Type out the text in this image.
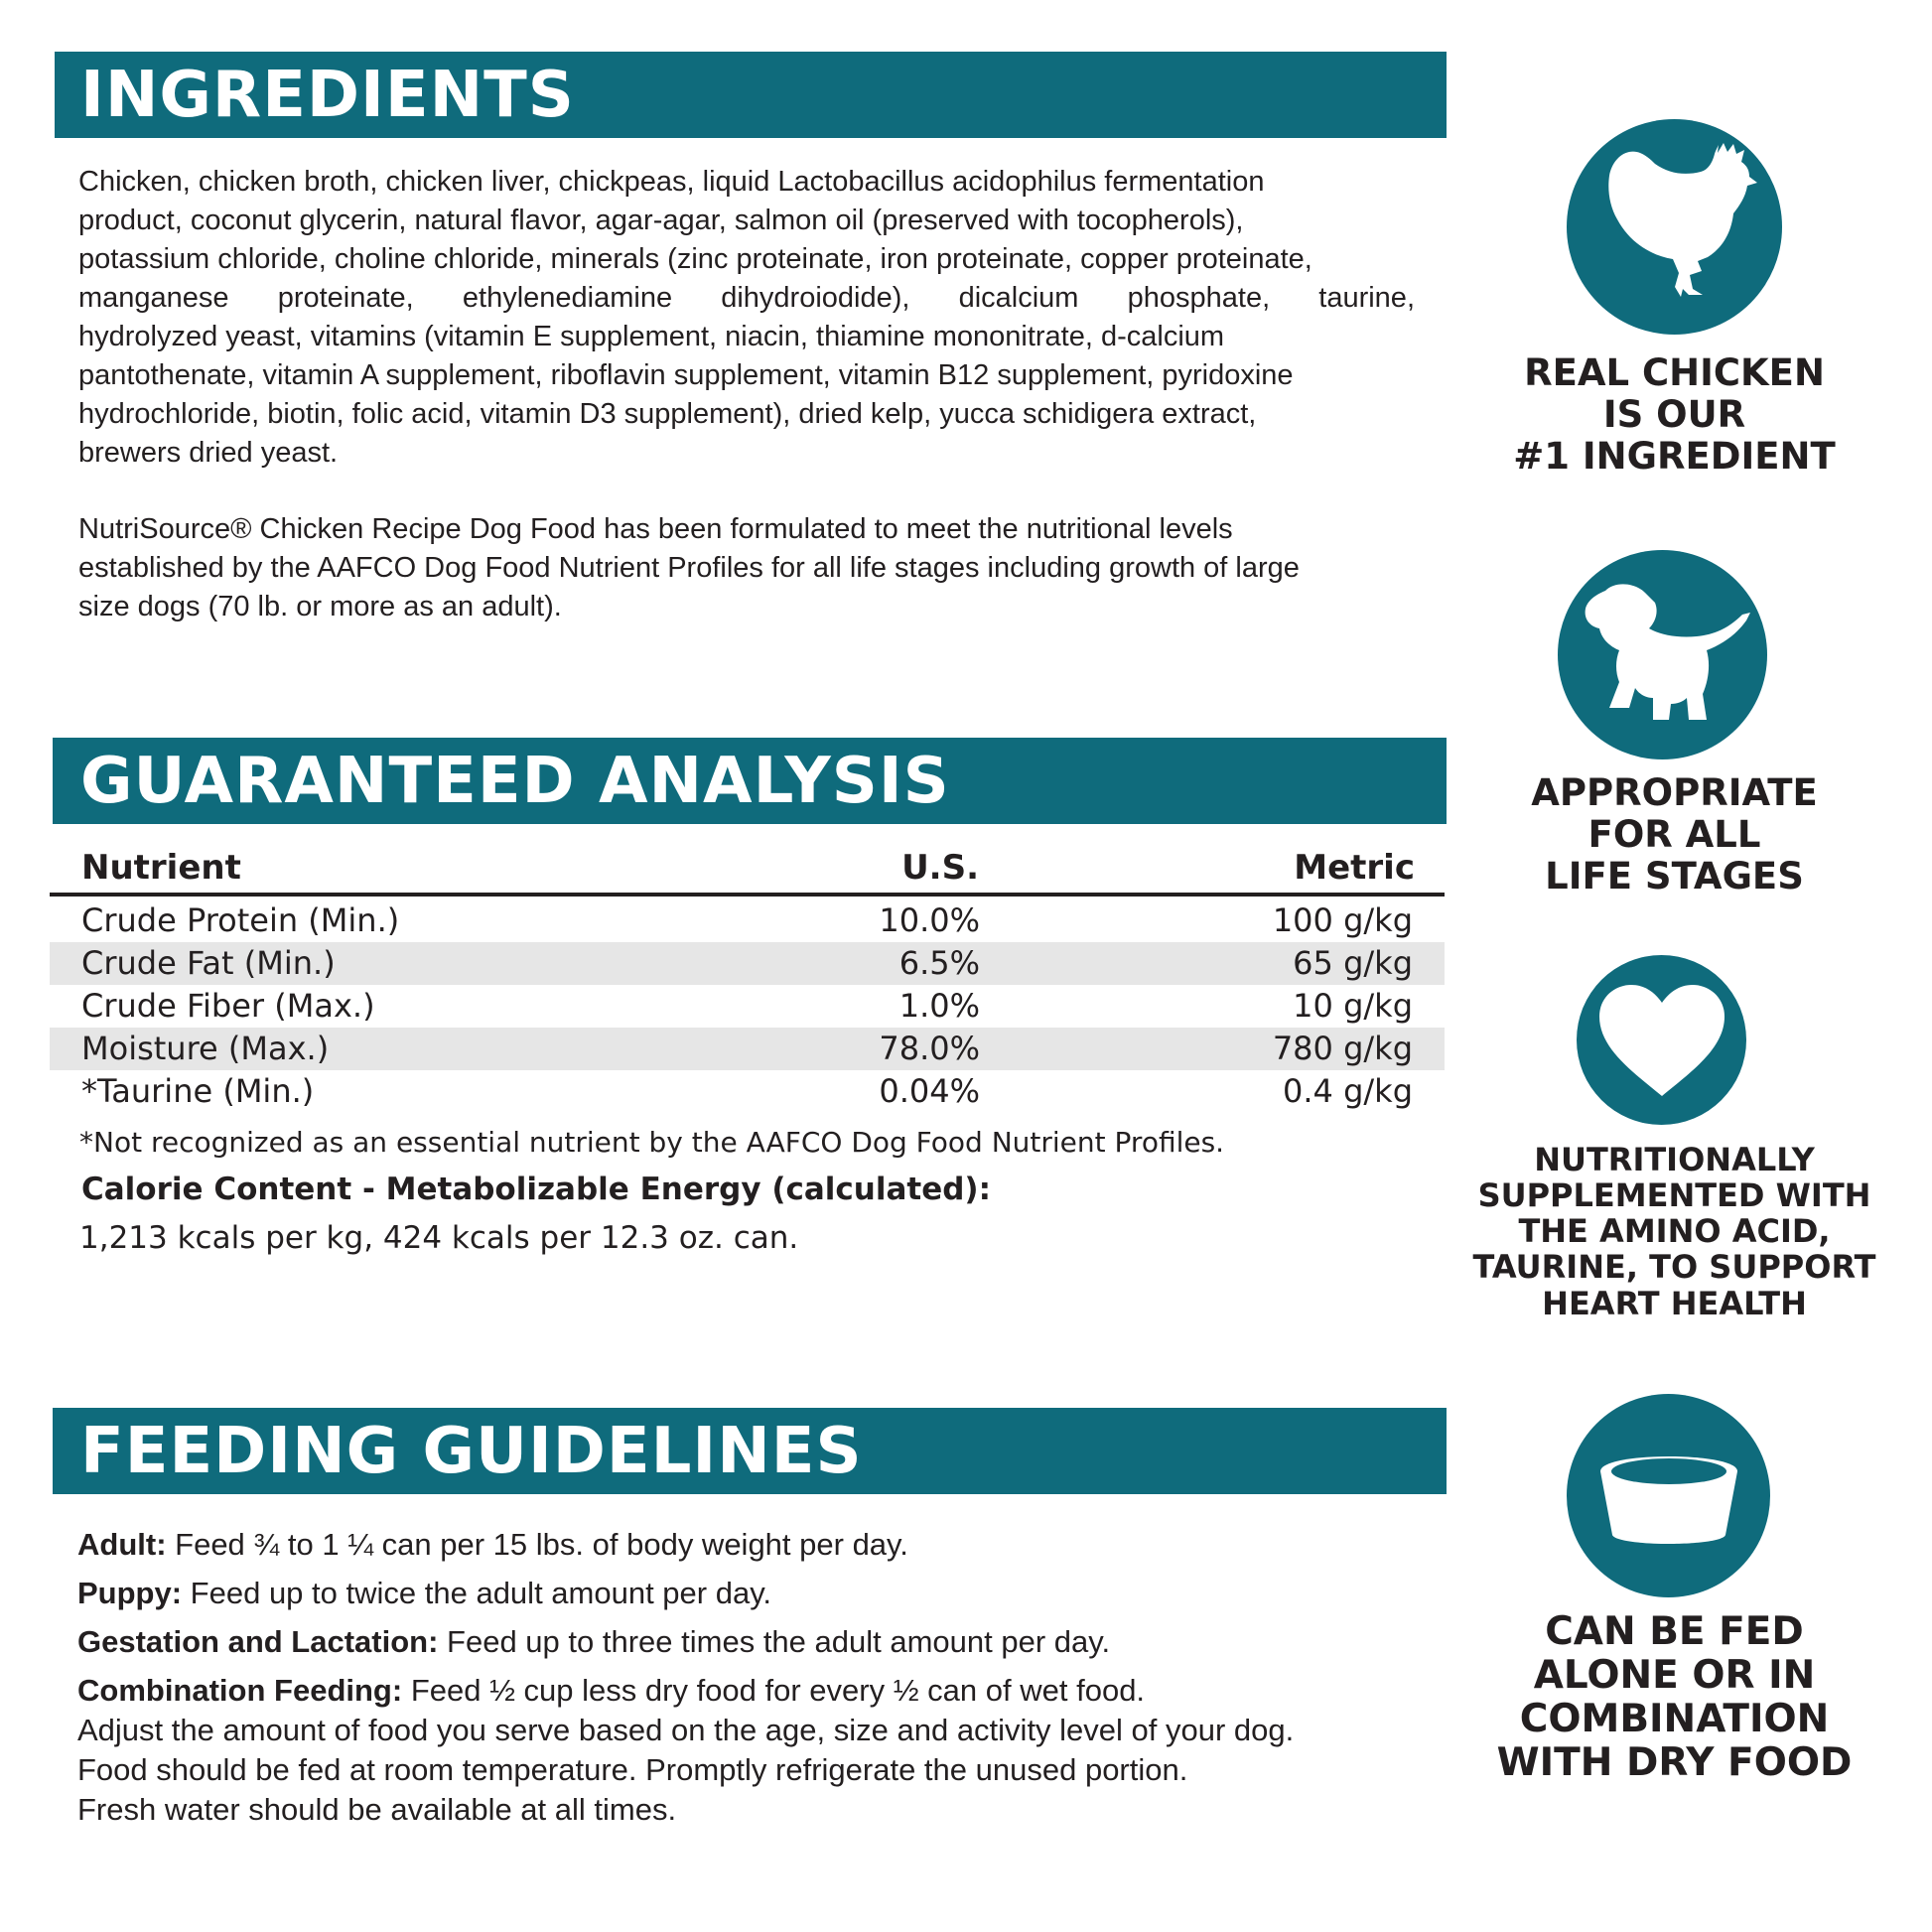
INGREDIENTS
Chicken, chicken broth, chicken liver, chickpeas, liquid Lactobacillus acidophilus fermentation
product, coconut glycerin, natural flavor, agar-agar, salmon oil (preserved with tocopherols),
potassium chloride, choline chloride, minerals (zinc proteinate, iron proteinate, copper proteinate,
manganese proteinate, ethylenediamine dihydroiodide), dicalcium phosphate, taurine,
hydrolyzed yeast, vitamins (vitamin E supplement, niacin, thiamine mononitrate, d-calcium
pantothenate, vitamin A supplement, riboflavin supplement, vitamin B12 supplement, pyridoxine
hydrochloride, biotin, folic acid, vitamin D3 supplement), dried kelp, yucca schidigera extract,
brewers dried yeast.
NutriSource® Chicken Recipe Dog Food has been formulated to meet the nutritional levels
established by the AAFCO Dog Food Nutrient Profiles for all life stages including growth of large
size dogs (70 lb. or more as an adult).
GUARANTEED ANALYSIS
Nutrient	U.S.	Metric
Crude Protein (Min.)	10.0%	100 g/kg
Crude Fat (Min.)	6.5%	65 g/kg
Crude Fiber (Max.)	1.0%	10 g/kg
Moisture (Max.)	78.0%	780 g/kg
*Taurine (Min.)	0.04%	0.4 g/kg
*Not recognized as an essential nutrient by the AAFCO Dog Food Nutrient Profiles.
Calorie Content - Metabolizable Energy (calculated):
1,213 kcals per kg, 424 kcals per 12.3 oz. can.
FEEDING GUIDELINES
Adult: Feed ¾ to 1 ¼ can per 15 lbs. of body weight per day.
Puppy: Feed up to twice the adult amount per day.
Gestation and Lactation: Feed up to three times the adult amount per day.
Combination Feeding: Feed ½ cup less dry food for every ½ can of wet food.
Adjust the amount of food you serve based on the age, size and activity level of your dog.
Food should be fed at room temperature. Promptly refrigerate the unused portion.
Fresh water should be available at all times.
REAL CHICKEN
IS OUR
#1 INGREDIENT
APPROPRIATE
FOR ALL
LIFE STAGES
NUTRITIONALLY
SUPPLEMENTED WITH
THE AMINO ACID,
TAURINE, TO SUPPORT
HEART HEALTH
CAN BE FED
ALONE OR IN
COMBINATION
WITH DRY FOOD
